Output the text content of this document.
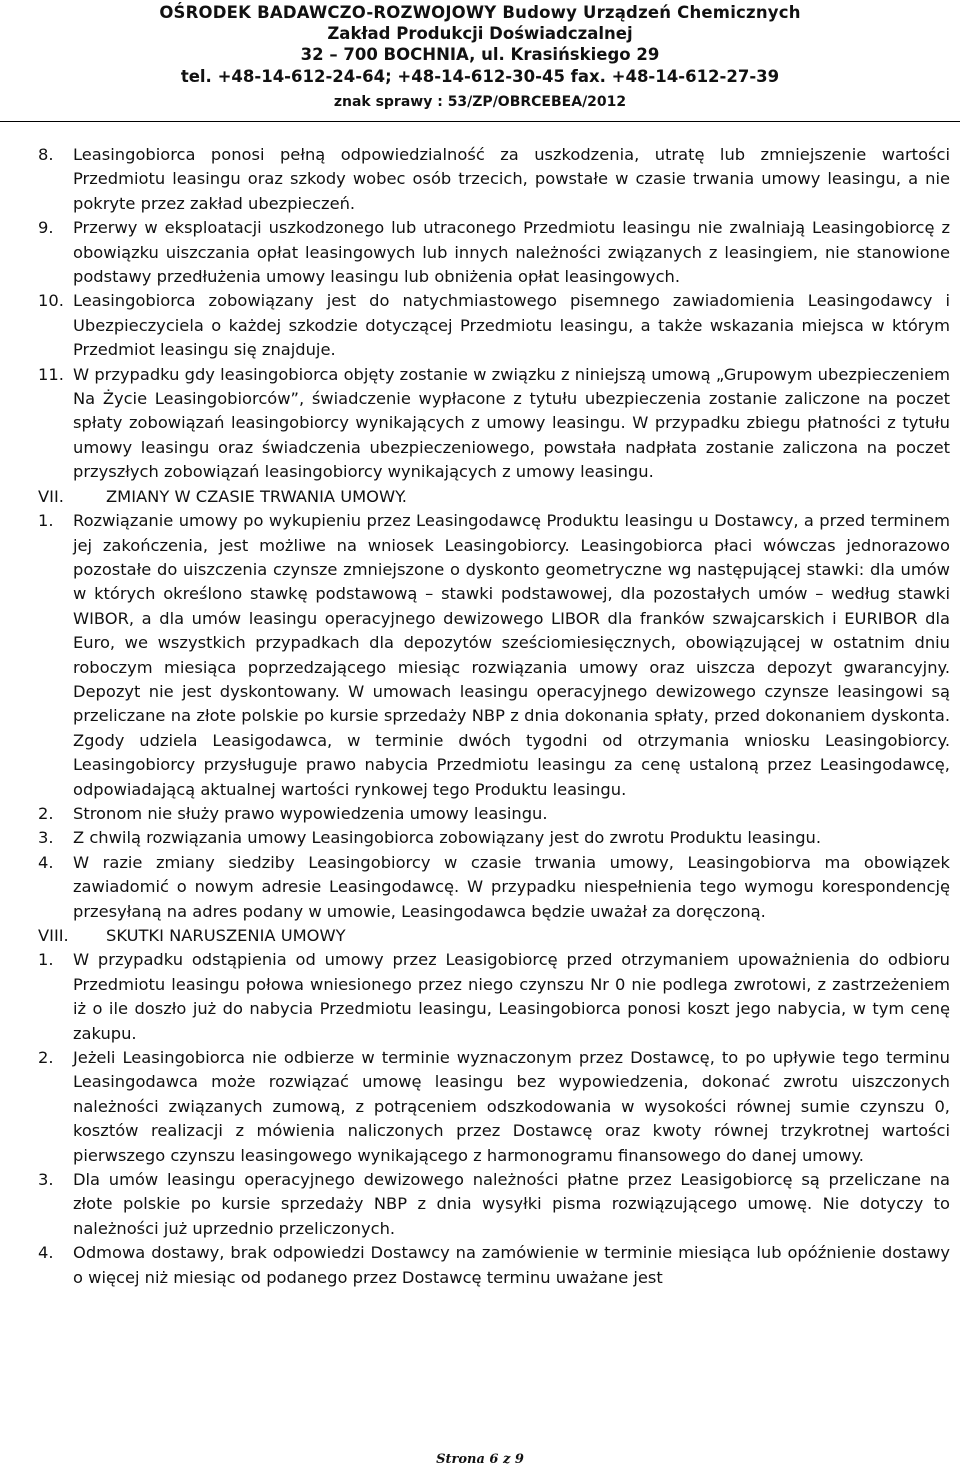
OŚRODEK BADAWCZO-ROZWOJOWY Budowy Urządzeń Chemicznych
Zakład Produkcji Doświadczalnej
32 – 700 BOCHNIA, ul. Krasińskiego 29
tel. +48-14-612-24-64; +48-14-612-30-45 fax. +48-14-612-27-39
znak sprawy : 53/ZP/OBRCEBEA/2012
8.	Leasingobiorca ponosi pełną odpowiedzialność za uszkodzenia, utratę lub zmniejszenie wartości Przedmiotu leasingu oraz szkody wobec osób trzecich, powstałe w czasie trwania umowy leasingu, a nie pokryte przez zakład ubezpieczeń.
9.	Przerwy w eksploatacji uszkodzonego lub utraconego Przedmiotu leasingu nie zwalniają Leasingobiorcę z obowiązku uiszczania opłat leasingowych lub innych należności związanych z leasingiem, nie stanowione podstawy przedłużenia umowy leasingu lub obniżenia opłat leasingowych.
10. Leasingobiorca zobowiązany jest do natychmiastowego pisemnego zawiadomienia Leasingodawcy i Ubezpieczyciela o każdej szkodzie dotyczącej Przedmiotu leasingu, a także wskazania miejsca w którym Przedmiot leasingu się znajduje.
11. W przypadku gdy leasingobiorca objęty zostanie w związku z niniejszą umową „Grupowym ubezpieczeniem Na Życie Leasingobiorców”, świadczenie wypłacone z tytułu ubezpieczenia zostanie zaliczone na poczet spłaty zobowiązań leasingobiorcy wynikających z umowy leasingu. W przypadku zbiegu płatności z tytułu umowy leasingu oraz świadczenia ubezpieczeniowego, powstała nadpłata zostanie zaliczona na poczet przyszłych zobowiązań leasingobiorcy wynikających z umowy leasingu.
VII.	ZMIANY W CZASIE TRWANIA UMOWY.
1.	Rozwiązanie umowy po wykupieniu przez Leasingodawcę Produktu leasingu u Dostawcy, a przed terminem jej zakończenia, jest możliwe na wniosek Leasingobiorcy. Leasingobiorca płaci wówczas jednorazowo pozostałe do uiszczenia czynsze zmniejszone o dyskonto geometryczne wg następującej stawki: dla umów w których określono stawkę podstawową – stawki podstawowej, dla pozostałych umów – według stawki WIBOR, a dla umów leasingu operacyjnego dewizowego LIBOR dla franków szwajcarskich i EURIBOR dla Euro, we wszystkich przypadkach dla depozytów sześciomiesięcznych, obowiązującej w ostatnim dniu roboczym miesiąca poprzedzającego miesiąc rozwiązania umowy oraz uiszcza depozyt gwarancyjny. Depozyt nie jest dyskontowany. W umowach leasingu operacyjnego dewizowego czynsze leasingowi są przeliczane na złote polskie po kursie sprzedaży NBP z dnia dokonania spłaty, przed dokonaniem dyskonta. Zgody udziela Leasigodawca, w terminie dwóch tygodni od otrzymania wniosku Leasingobiorcy. Leasingobiorcy przysługuje prawo nabycia Przedmiotu leasingu za cenę ustaloną przez Leasingodawcę, odpowiadającą aktualnej wartości rynkowej tego Produktu leasingu.
2.	Stronom nie służy prawo wypowiedzenia umowy leasingu.
3.	Z chwilą rozwiązania umowy Leasingobiorca zobowiązany jest do zwrotu Produktu leasingu.
4.	W razie zmiany siedziby Leasingobiorcy w czasie trwania umowy, Leasingobiorva ma obowiązek zawiadomić o nowym adresie Leasingodawcę. W przypadku niespełnienia tego wymogu korespondencję przesyłaną na adres podany w umowie, Leasingodawca będzie uważał za doręczoną.
VIII.	SKUTKI NARUSZENIA UMOWY
1.	W przypadku odstąpienia od umowy przez Leasigobiorcę przed otrzymaniem upoważnienia do odbioru Przedmiotu leasingu połowa wniesionego przez niego czynszu Nr 0 nie podlega zwrotowi, z zastrzeżeniem iż o ile doszło już do nabycia Przedmiotu leasingu, Leasingobiorca ponosi koszt jego nabycia, w tym cenę zakupu.
2.	Jeżeli Leasingobiorca nie odbierze w terminie wyznaczonym przez Dostawcę, to po upływie tego terminu Leasingodawca może rozwiązać umowę leasingu bez wypowiedzenia, dokonać zwrotu uiszczonych należności związanych zumową, z potrąceniem odszkodowania w wysokości równej sumie czynszu 0, kosztów realizacji z mówienia naliczonych przez Dostawcę oraz kwoty równej trzykrotnej wartości pierwszego czynszu leasingowego wynikającego z harmonogramu finansowego do danej umowy.
3.	Dla umów leasingu operacyjnego dewizowego należności płatne przez Leasigobiorcę są przeliczane na złote polskie po kursie sprzedaży NBP z dnia wysyłki pisma rozwiązującego umowę. Nie dotyczy to należności już uprzednio przeliczonych.
4.	Odmowa dostawy, brak odpowiedzi Dostawcy na zamówienie w terminie miesiąca lub opóźnienie dostawy o więcej niż miesiąc od podanego przez Dostawcę terminu uważane jest
Strona 6 z 9
